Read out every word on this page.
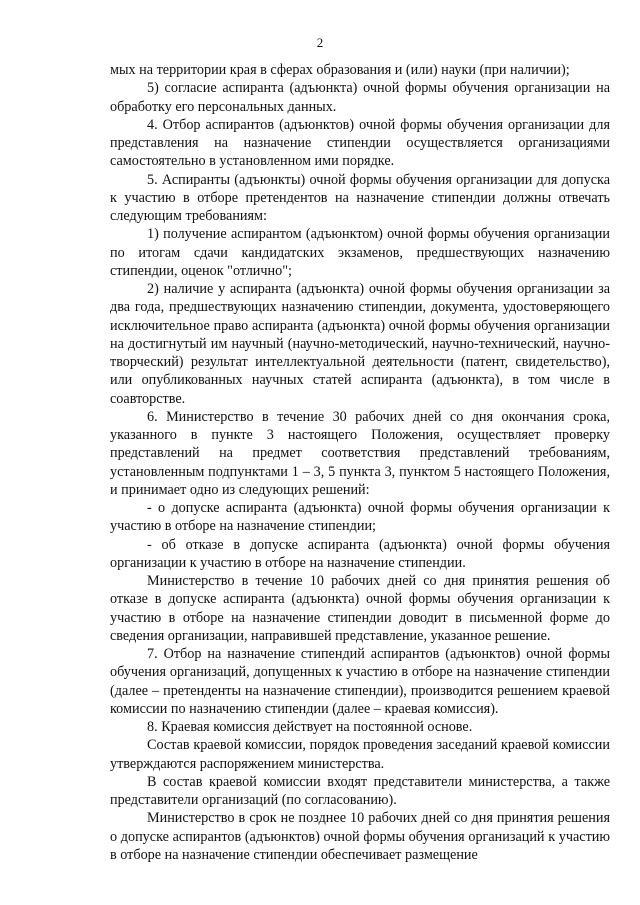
2

мых на территории края в сферах образования и (или) науки (при наличии);

5) согласие аспиранта (адъюнкта) очной формы обучения организации на обработку его персональных данных.

4. Отбор аспирантов (адъюнктов) очной формы обучения организации для представления на назначение стипендии осуществляется организациями самостоятельно в установленном ими порядке.

5. Аспиранты (адъюнкты) очной формы обучения организации для допуска к участию в отборе претендентов на назначение стипендии должны отвечать следующим требованиям:

1) получение аспирантом (адъюнктом) очной формы обучения организации по итогам сдачи кандидатских экзаменов, предшествующих назначению стипендии, оценок "отлично";

2) наличие у аспиранта (адъюнкта) очной формы обучения организации за два года, предшествующих назначению стипендии, документа, удостоверяющего исключительное право аспиранта (адъюнкта) очной формы обучения организации на достигнутый им научный (научно-методический, научно-технический, научно-творческий) результат интеллектуальной деятельности (патент, свидетельство), или опубликованных научных статей аспиранта (адъюнкта), в том числе в соавторстве.

6. Министерство в течение 30 рабочих дней со дня окончания срока, указанного в пункте 3 настоящего Положения, осуществляет проверку представлений на предмет соответствия представлений требованиям, установленным подпунктами 1 – 3, 5 пункта 3, пунктом 5 настоящего Положения, и принимает одно из следующих решений:

- о допуске аспиранта (адъюнкта) очной формы обучения организации к участию в отборе на назначение стипендии;

- об отказе в допуске аспиранта (адъюнкта) очной формы обучения организации к участию в отборе на назначение стипендии.

Министерство в течение 10 рабочих дней со дня принятия решения об отказе в допуске аспиранта (адъюнкта) очной формы обучения организации к участию в отборе на назначение стипендии доводит в письменной форме до сведения организации, направившей представление, указанное решение.

7. Отбор на назначение стипендий аспирантов (адъюнктов) очной формы обучения организаций, допущенных к участию в отборе на назначение стипендии (далее – претенденты на назначение стипендии), производится решением краевой комиссии по назначению стипендии (далее – краевая комиссия).

8. Краевая комиссия действует на постоянной основе.

Состав краевой комиссии, порядок проведения заседаний краевой комиссии утверждаются распоряжением министерства.

В состав краевой комиссии входят представители министерства, а также представители организаций (по согласованию).

Министерство в срок не позднее 10 рабочих дней со дня принятия решения о допуске аспирантов (адъюнктов) очной формы обучения организаций к участию в отборе на назначение стипендии обеспечивает размещение
